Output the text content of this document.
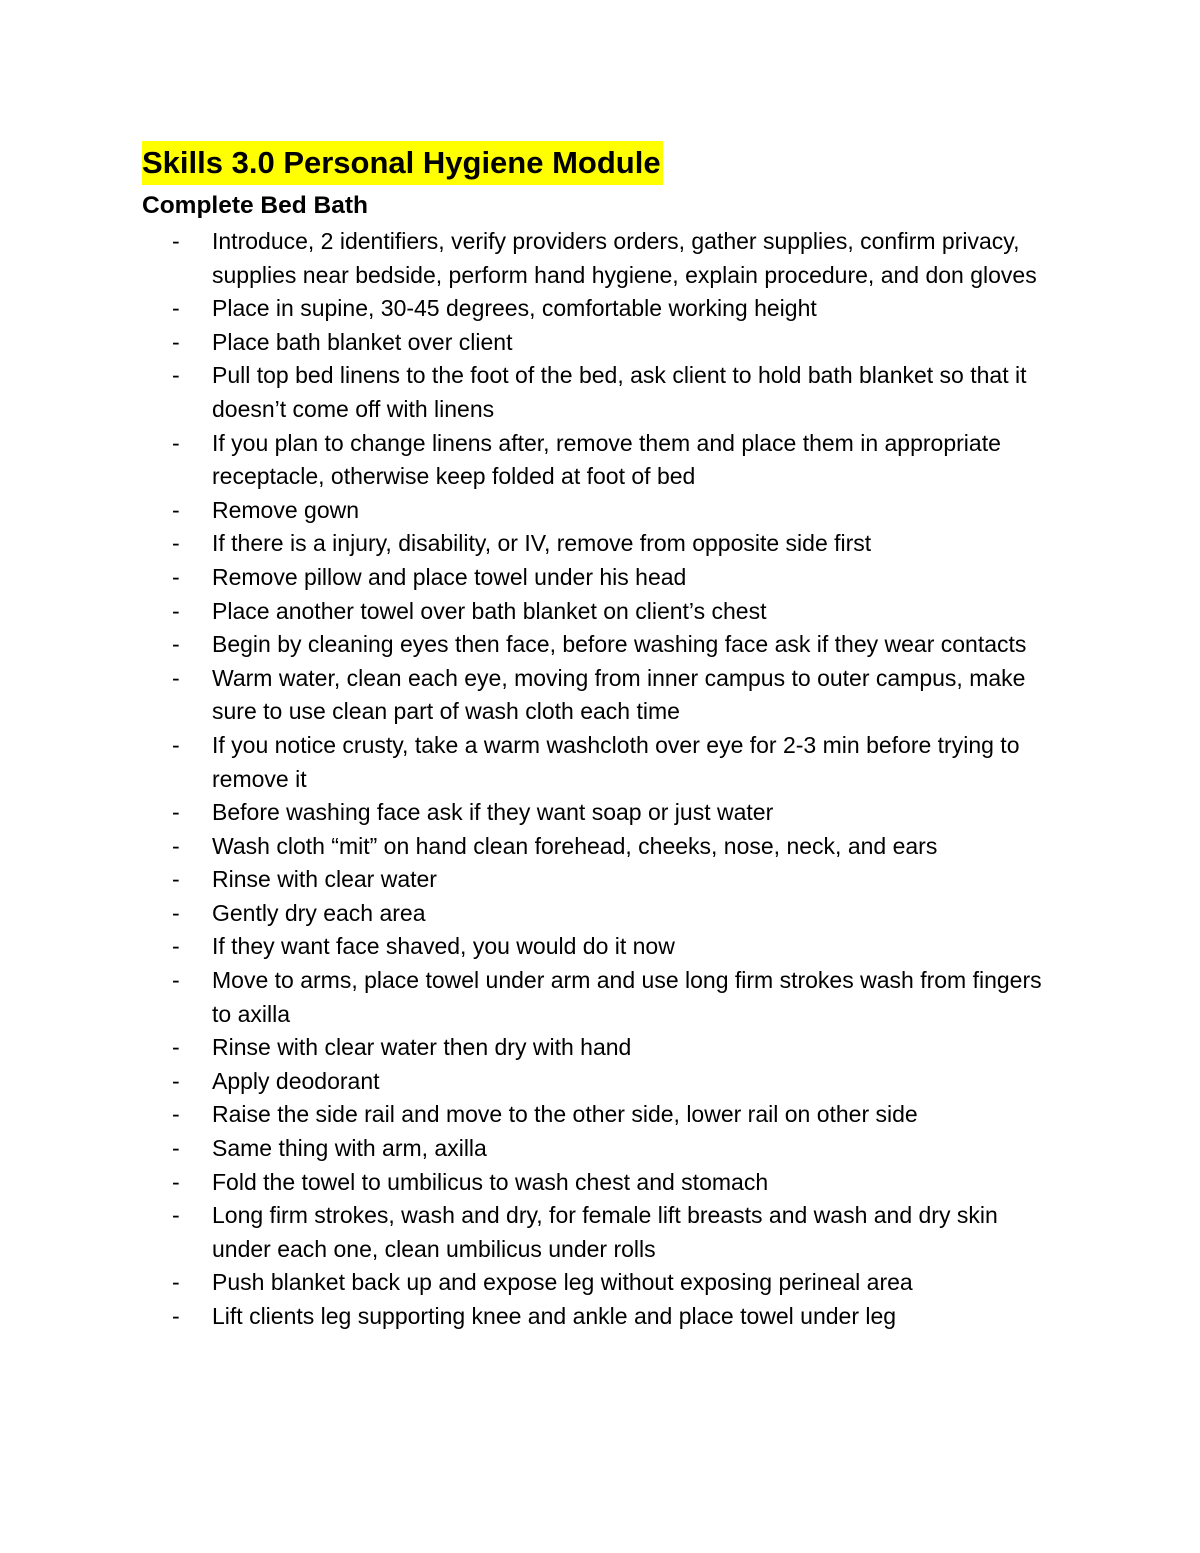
Skills 3.0 Personal Hygiene Module
Complete Bed Bath
- Introduce, 2 identifiers, verify providers orders, gather supplies, confirm privacy, supplies near bedside, perform hand hygiene, explain procedure, and don gloves
- Place in supine, 30-45 degrees, comfortable working height
- Place bath blanket over client
- Pull top bed linens to the foot of the bed, ask client to hold bath blanket so that it doesn’t come off with linens
- If you plan to change linens after, remove them and place them in appropriate receptacle, otherwise keep folded at foot of bed
- Remove gown
- If there is a injury, disability, or IV, remove from opposite side first
- Remove pillow and place towel under his head
- Place another towel over bath blanket on client’s chest
- Begin by cleaning eyes then face, before washing face ask if they wear contacts
- Warm water, clean each eye, moving from inner campus to outer campus, make sure to use clean part of wash cloth each time
- If you notice crusty, take a warm washcloth over eye for 2-3 min before trying to remove it
- Before washing face ask if they want soap or just water
- Wash cloth “mit” on hand clean forehead, cheeks, nose, neck, and ears
- Rinse with clear water
- Gently dry each area
- If they want face shaved, you would do it now
- Move to arms, place towel under arm and use long firm strokes wash from fingers to axilla
- Rinse with clear water then dry with hand
- Apply deodorant
- Raise the side rail and move to the other side, lower rail on other side
- Same thing with arm, axilla
- Fold the towel to umbilicus to wash chest and stomach
- Long firm strokes, wash and dry, for female lift breasts and wash and dry skin under each one, clean umbilicus under rolls
- Push blanket back up and expose leg without exposing perineal area
- Lift clients leg supporting knee and ankle and place towel under leg
